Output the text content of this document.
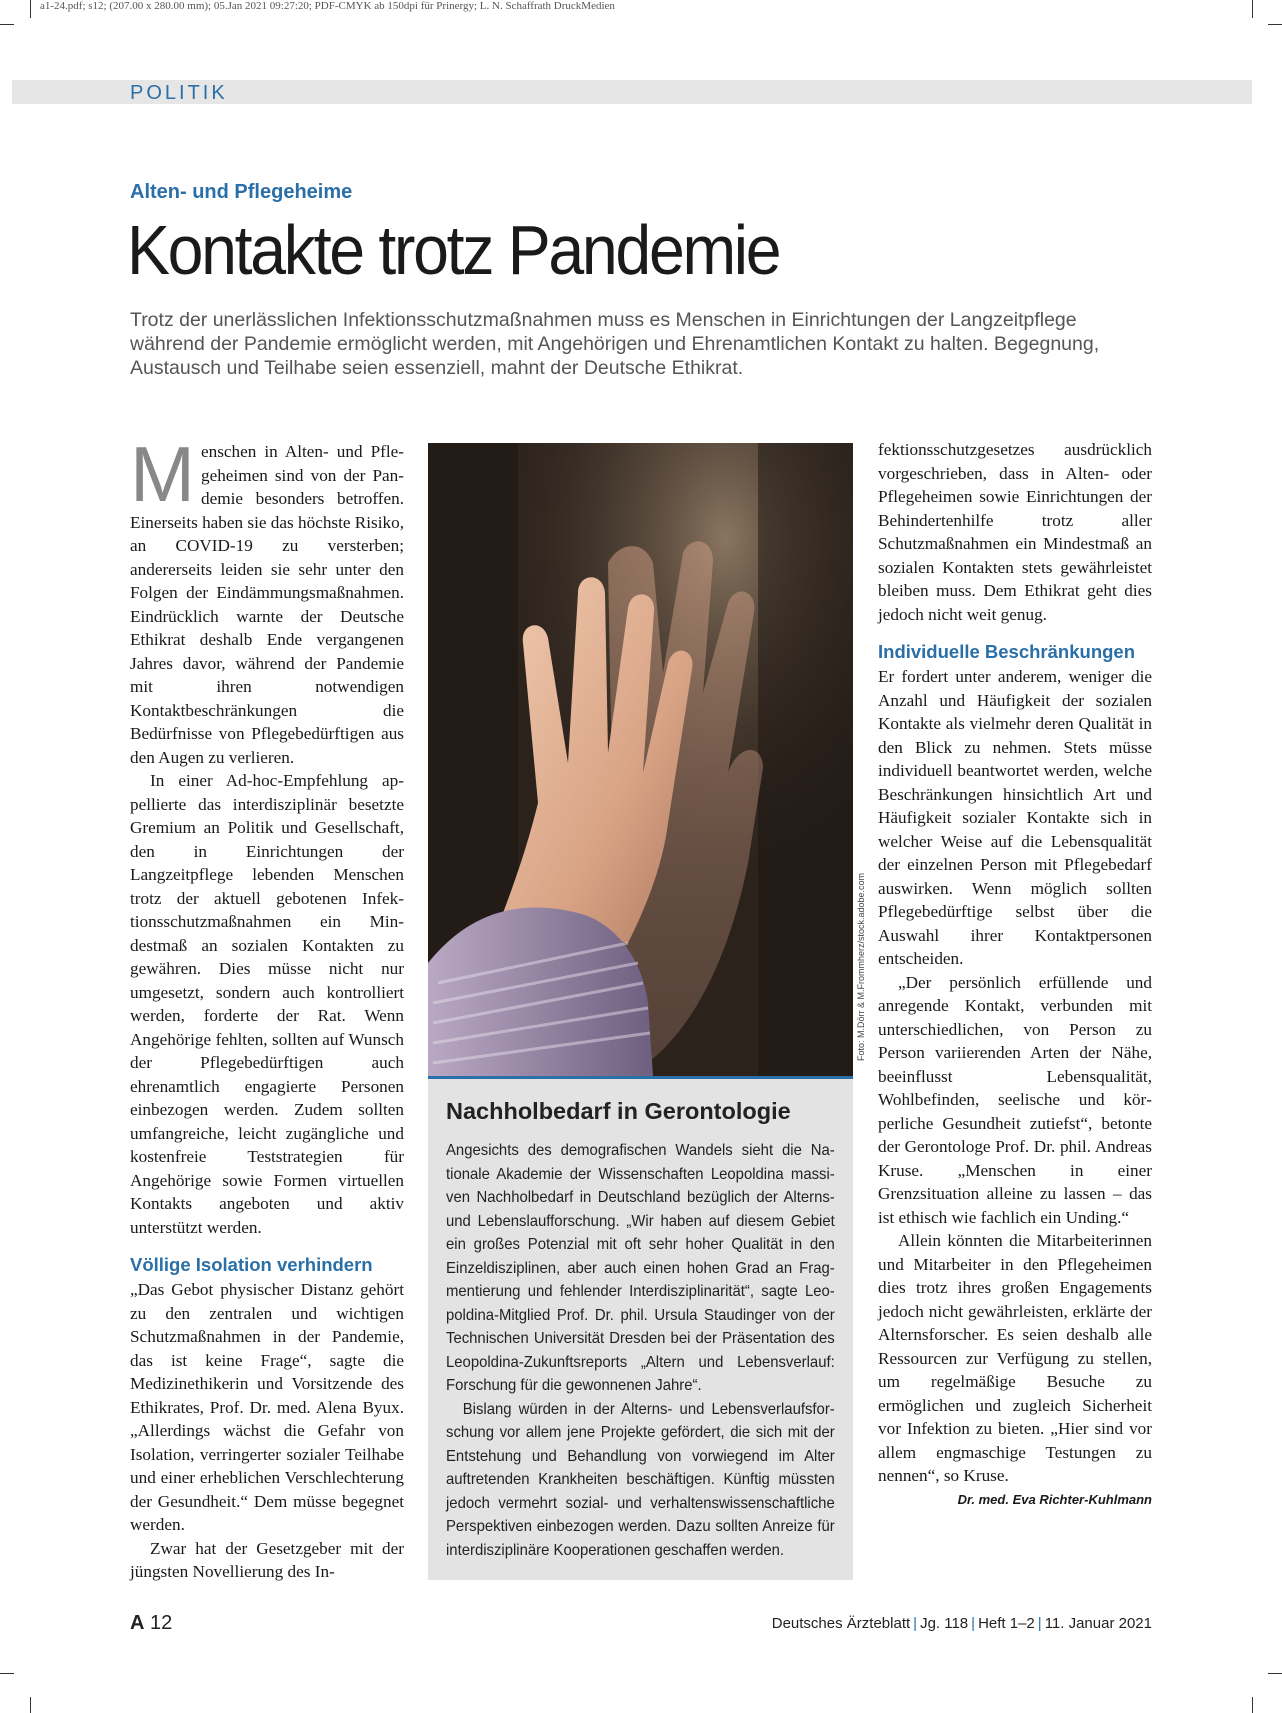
a1-24.pdf; s12; (207.00 x 280.00 mm); 05.Jan 2021 09:27:20; PDF-CMYK ab 150dpi für Prinergy; L. N. Schaffrath DruckMedien
POLITIK
Alten- und Pflegeheime
Kontakte trotz Pandemie
Trotz der unerlässlichen Infektionsschutzmaßnahmen muss es Menschen in Einrichtungen der Langzeitpflege während der Pandemie ermöglicht werden, mit Angehörigen und Ehrenamtlichen Kontakt zu halten. Begegnung, Austausch und Teilhabe seien essenziell, mahnt der Deutsche Ethikrat.

Menschen in Alten- und Pflegeheimen sind von der Pandemie besonders betroffen. Einerseits haben sie das höchste Risiko, an COVID-19 zu versterben; andererseits leiden sie sehr unter den Folgen der Eindämmungsmaßnahmen. Eindrücklich warnte der Deutsche Ethikrat deshalb Ende vergangenen Jahres davor, während der Pandemie mit ihren notwendigen Kontaktbeschränkungen die Bedürfnisse von Pflegebedürftigen aus den Augen zu verlieren.

In einer Ad-hoc-Empfehlung appellierte das interdisziplinär besetzte Gremium an Politik und Gesellschaft, den in Einrichtungen der Langzeitpflege lebenden Menschen trotz der aktuell gebotenen Infektionsschutzmaßnahmen ein Mindestmaß an sozialen Kontakten zu gewähren. Dies müsse nicht nur umgesetzt, sondern auch kontrolliert werden, forderte der Rat. Wenn Angehörige fehlten, sollten auf Wunsch der Pflegebedürftigen auch ehrenamtlich engagierte Personen einbezogen werden. Zudem sollten umfangreiche, leicht zugängliche und kostenfreie Teststrategien für Angehörige sowie Formen virtuellen Kontakts angeboten und aktiv unterstützt werden.

Völlige Isolation verhindern

„Das Gebot physischer Distanz gehört zu den zentralen und wichtigen Schutzmaßnahmen in der Pandemie, das ist keine Frage“, sagte die Medizinethikerin und Vorsitzende des Ethikrates, Prof. Dr. med. Alena Byux. „Allerdings wächst die Gefahr von Isolation, verringerter sozialer Teilhabe und einer erheblichen Verschlechterung der Gesundheit.“ Dem müsse begegnet werden.

Zwar hat der Gesetzgeber mit der jüngsten Novellierung des In-

Foto: M.Dörr & M.Frommherz/stock.adobe.com
Nachholbedarf in Gerontologie

Angesichts des demografischen Wandels sieht die Nationale Akademie der Wissenschaften Leopoldina massiven Nachholbedarf in Deutschland bezüglich der Alterns- und Lebenslaufforschung. „Wir haben auf diesem Gebiet ein großes Potenzial mit oft sehr hoher Qualität in den Einzeldisziplinen, aber auch einen hohen Grad an Fragmentierung und fehlender Interdisziplinarität“, sagte Leopoldina-Mitglied Prof. Dr. phil. Ursula Staudinger von der Technischen Universität Dresden bei der Präsentation des Leopoldina-Zukunftsreports „Altern und Lebensverlauf: Forschung für die gewonnenen Jahre“.

Bislang würden in der Alterns- und Lebensverlaufsforschung vor allem jene Projekte gefördert, die sich mit der Entstehung und Behandlung von vorwiegend im Alter auftretenden Krankheiten beschäftigen. Künftig müssten jedoch vermehrt sozial- und verhaltenswissenschaftliche Perspektiven einbezogen werden. Dazu sollten Anreize für interdisziplinäre Kooperationen geschaffen werden.

fektionsschutzgesetzes ausdrücklich vorgeschrieben, dass in Alten- oder Pflegeheimen sowie Einrichtungen der Behindertenhilfe trotz aller Schutzmaßnahmen ein Mindestmaß an sozialen Kontakten stets gewährleistet bleiben muss. Dem Ethikrat geht dies jedoch nicht weit genug.

Individuelle Beschränkungen

Er fordert unter anderem, weniger die Anzahl und Häufigkeit der sozialen Kontakte als vielmehr deren Qualität in den Blick zu nehmen. Stets müsse individuell beantwortet werden, welche Beschränkungen hinsichtlich Art und Häufigkeit sozialer Kontakte sich in welcher Weise auf die Lebensqualität der einzelnen Person mit Pflegebedarf auswirken. Wenn möglich sollten Pflegebedürftige selbst über die Auswahl ihrer Kontaktpersonen entscheiden.

„Der persönlich erfüllende und anregende Kontakt, verbunden mit unterschiedlichen, von Person zu Person variierenden Arten der Nähe, beeinflusst Lebensqualität, Wohlbefinden, seelische und körperliche Gesundheit zutiefst“, betonte der Gerontologe Prof. Dr. phil. Andreas Kruse. „Menschen in einer Grenzsituation alleine zu lassen – das ist ethisch wie fachlich ein Unding.“

Allein könnten die Mitarbeiterinnen und Mitarbeiter in den Pflegeheimen dies trotz ihres großen Engagements jedoch nicht gewährleisten, erklärte der Alternsforscher. Es seien deshalb alle Ressourcen zur Verfügung zu stellen, um regelmäßige Besuche zu ermöglichen und zugleich Sicherheit vor Infektion zu bieten. „Hier sind vor allem engmaschige Testungen zu nennen“, so Kruse.
Dr. med. Eva Richter-Kuhlmann

A 12	Deutsches Ärzteblatt | Jg. 118 | Heft 1–2 | 11. Januar 2021
